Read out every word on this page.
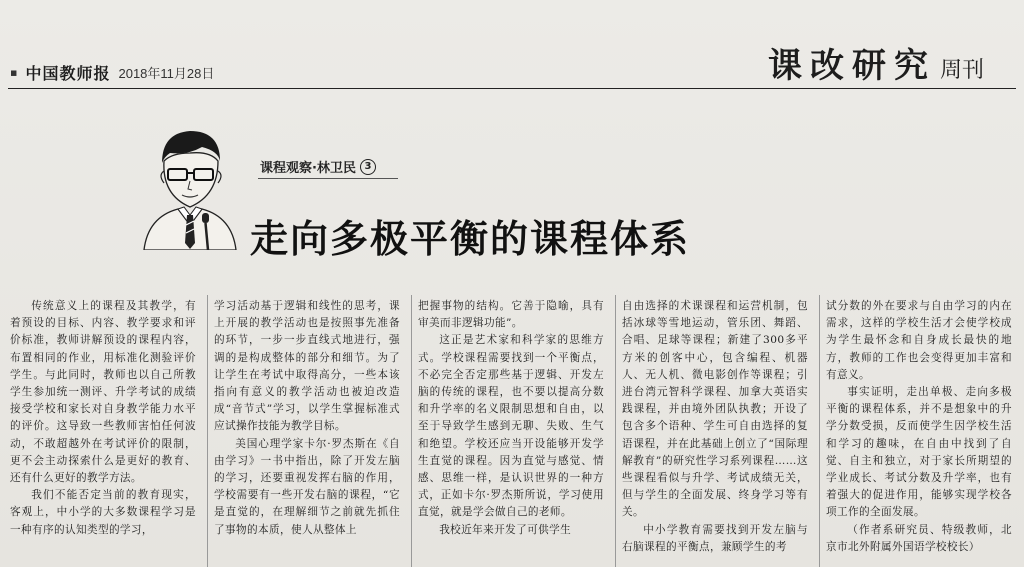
▪ 中国教师报 2018年11月28日	课改研究 周刊
课程观察·林卫民 3
走向多极平衡的课程体系

传统意义上的课程及其教学，有着预设的目标、内容、教学要求和评价标准，教师讲解预设的课程内容，布置相同的作业，用标准化测验评价学生。与此同时，教师也以自己所教学生参加统一测评、升学考试的成绩接受学校和家长对自身教学能力水平的评价。这导致一些教师害怕任何波动，不敢超越外在考试评价的限制，更不会主动探索什么是更好的教育、还有什么更好的教学方法。

我们不能否定当前的教育现实，客观上，中小学的大多数课程学习是一种有序的认知类型的学习，

学习活动基于逻辑和线性的思考，课上开展的教学活动也是按照事先准备的环节，一步一步直线式地进行，强调的是构成整体的部分和细节。为了让学生在考试中取得高分，一些本该指向有意义的教学活动也被迫改造成“音节式”学习，以学生掌握标准式应试操作技能为教学目标。

美国心理学家卡尔·罗杰斯在《自由学习》一书中指出，除了开发左脑的学习，还要重视发挥右脑的作用，学校需要有一些开发右脑的课程，“它是直觉的，在理解细节之前就先抓住了事物的本质，使人从整体上

把握事物的结构。它善于隐喻，具有审美而非逻辑功能”。

这正是艺术家和科学家的思维方式。学校课程需要找到一个平衡点，不必完全否定那些基于逻辑、开发左脑的传统的课程，也不要以提高分数和升学率的名义限制思想和自由，以至于导致学生感到无聊、失败、生气和绝望。学校还应当开设能够开发学生直觉的课程。因为直觉与感觉、情感、思维一样，是认识世界的一种方式，正如卡尔·罗杰斯所说，学习使用直觉，就是学会做自己的老师。

我校近年来开发了可供学生

自由选择的术课课程和运营机制，包括冰球等雪地运动，管乐团、舞蹈、合唱、足球等课程；新建了300多平方米的创客中心，包含编程、机器人、无人机、微电影创作等课程；引进台湾元智科学课程、加拿大英语实践课程，并由境外团队执教；开设了包含多个语种、学生可自由选择的复语课程，并在此基础上创立了“国际理解教育”的研究性学习系列课程……这些课程看似与升学、考试成绩无关，但与学生的全面发展、终身学习等有关。

中小学教育需要找到开发左脑与右脑课程的平衡点，兼顾学生的考

试分数的外在要求与自由学习的内在需求，这样的学校生活才会使学校成为学生最怀念和自身成长最快的地方，教师的工作也会变得更加丰富和有意义。

事实证明，走出单极、走向多极平衡的课程体系，并不是想象中的升学分数受损，反而使学生因学校生活和学习的趣味，在自由中找到了自觉、自主和独立，对于家长所期望的学业成长、考试分数及升学率，也有着强大的促进作用，能够实现学校各项工作的全面发展。

（作者系研究员、特级教师，北京市北外附属外国语学校校长）
